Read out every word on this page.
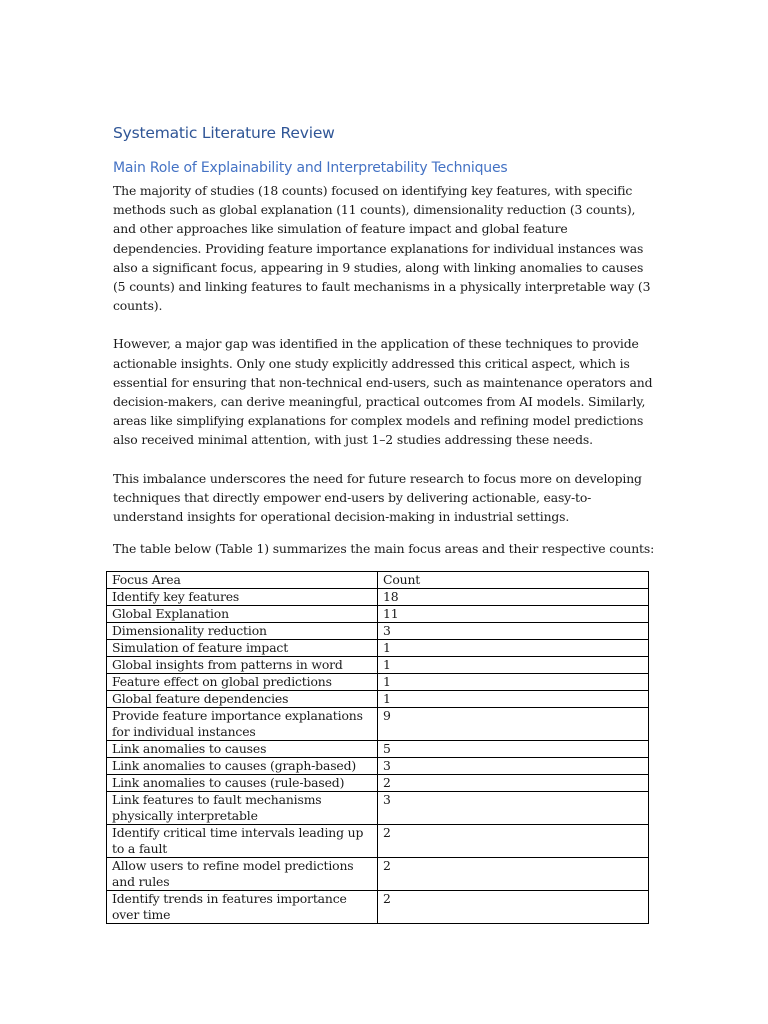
Systematic Literature Review
Main Role of Explainability and Interpretability Techniques

The majority of studies (18 counts) focused on identifying key features, with specific methods such as global explanation (11 counts), dimensionality reduction (3 counts), and other approaches like simulation of feature impact and global feature dependencies. Providing feature importance explanations for individual instances was also a significant focus, appearing in 9 studies, along with linking anomalies to causes (5 counts) and linking features to fault mechanisms in a physically interpretable way (3 counts).

However, a major gap was identified in the application of these techniques to provide actionable insights. Only one study explicitly addressed this critical aspect, which is essential for ensuring that non-technical end-users, such as maintenance operators and decision-makers, can derive meaningful, practical outcomes from AI models. Similarly, areas like simplifying explanations for complex models and refining model predictions also received minimal attention, with just 1–2 studies addressing these needs.

This imbalance underscores the need for future research to focus more on developing techniques that directly empower end-users by delivering actionable, easy-to-understand insights for operational decision-making in industrial settings.

The table below (Table 1) summarizes the main focus areas and their respective counts:

Focus Area	Count
Identify key features	18
Global Explanation	11
Dimensionality reduction	3
Simulation of feature impact	1
Global insights from patterns in word	1
Feature effect on global predictions	1
Global feature dependencies	1
Provide feature importance explanations for individual instances	9
Link anomalies to causes	5
Link anomalies to causes (graph-based)	3
Link anomalies to causes (rule-based)	2
Link features to fault mechanisms physically interpretable	3
Identify critical time intervals leading up to a fault	2
Allow users to refine model predictions and rules	2
Identify trends in features importance over time	2
